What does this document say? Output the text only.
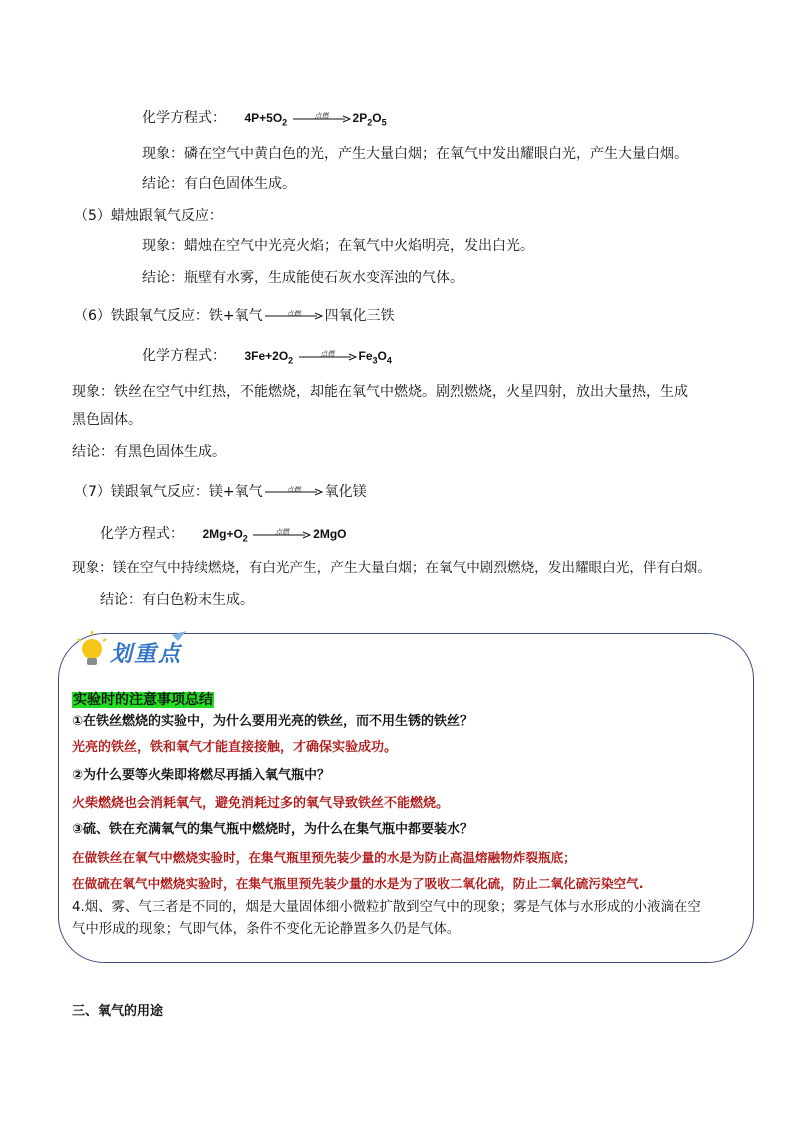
化学方程式： $4P+5O_2$
点燃	$2P_2O_5$
现象：磷在空气中黄白色的光，产生大量白烟；在氧气中发出耀眼白光，产生大量白烟。
结论：有白色固体生成。
（5）蜡烛跟氧气反应：
现象：蜡烛在空气中光亮火焰；在氧气中火焰明亮，发出白光。
结论：瓶壁有水雾，生成能使石灰水变浑浊的气体。
（6）铁跟氧气反应：铁+氧气	点燃	四氧化三铁
化学方程式： $3Fe+2O_2$
点燃	$Fe_3O_4$
现象：铁丝在空气中红热，不能燃烧，却能在氧气中燃烧。剧烈燃烧，火星四射，放出大量热，生成
黑色固体。
结论：有黑色固体生成。
（7）镁跟氧气反应：镁+氧气	点燃	氧化镁
化学方程式： $2Mg+O_2$
点燃	2MgO
现象：镁在空气中持续燃烧，有白光产生，产生大量白烟；在氧气中剧烈燃烧，发出耀眼白光，伴有白烟。
结论：有白色粉末生成。
划重点
实验时的注意事项总结
①在铁丝燃烧的实验中，为什么要用光亮的铁丝，而不用生锈的铁丝？
光亮的铁丝，铁和氧气才能直接接触，才确保实验成功。
②为什么要等火柴即将燃尽再插入氧气瓶中？
火柴燃烧也会消耗氧气，避免消耗过多的氧气导致铁丝不能燃烧。
③硫、铁在充满氧气的集气瓶中燃烧时，为什么在集气瓶中都要装水？
在做铁丝在氧气中燃烧实验时，在集气瓶里预先装少量的水是为防止高温熔融物炸裂瓶底；
在做硫在氧气中燃烧实验时，在集气瓶里预先装少量的水是为了吸收二氧化硫，防止二氧化硫污染空气.
4.烟、雾、气三者是不同的，烟是大量固体细小微粒扩散到空气中的现象；雾是气体与水形成的小液滴在空
气中形成的现象；气即气体，条件不变化无论静置多久仍是气体。
三、氧气的用途
